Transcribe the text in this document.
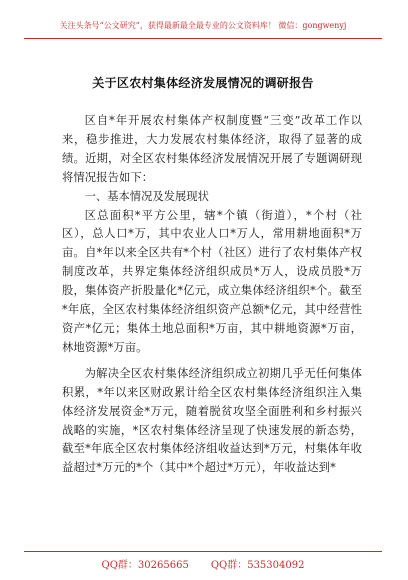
关注头条号“公文研究”，获得最新最全最专业的公文资料库！ 微信：gongwenyj
关于区农村集体经济发展情况的调研报告

区自*年开展农村集体产权制度暨“三变”改革工作以来，稳步推进，大力发展农村集体经济，取得了显著的成绩。近期，对全区农村集体经济发展情况开展了专题调研现将情况报告如下：

一、基本情况及发展现状

区总面积*平方公里，辖*个镇（街道），*个村（社区），总人口*万，其中农业人口*万人，常用耕地面积*万亩。自*年以来全区共有*个村（社区）进行了农村集体产权制度改革，共界定集体经济组织成员*万人，设成员股*万股，集体资产折股量化*亿元，成立集体经济组织*个。截至*年底，全区农村集体经济组织资产总额*亿元，其中经营性资产*亿元；集体土地总面积*万亩，其中耕地资源*万亩，林地资源*万亩。

为解决全区农村集体经济组织成立初期几乎无任何集体积累，*年以来区财政累计给全区农村集体经济组织注入集体经济发展资金*万元，随着脱贫攻坚全面胜利和乡村振兴战略的实施，*区农村集体经济呈现了快速发展的新态势，截至*年底全区农村集体经济组收益达到*万元，村集体年收益超过*万元的*个（其中*个超过*万元），年收益达到*

QQ群：30265665 QQ群：535304092
